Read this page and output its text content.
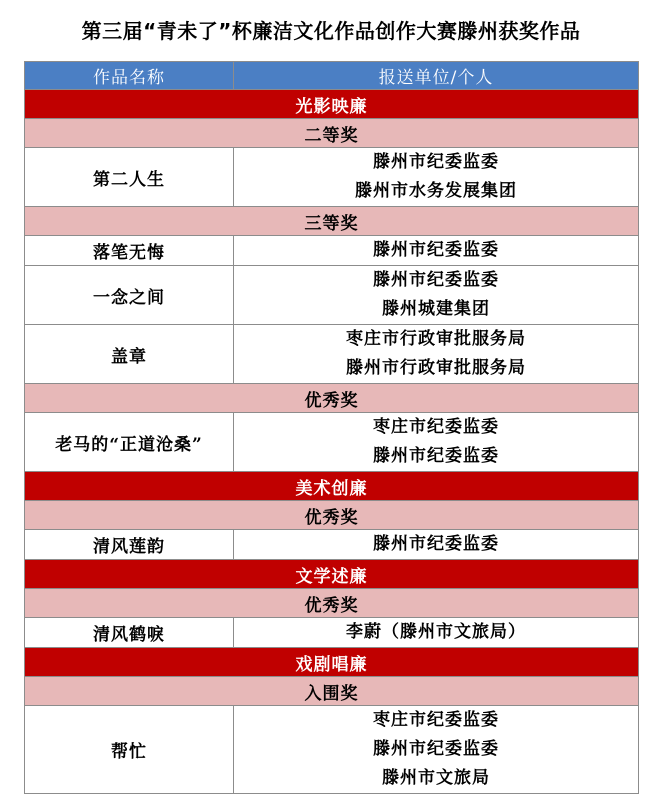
第三届“青未了”杯廉洁文化作品创作大赛滕州获奖作品
作品名称	报送单位/个人
光影映廉	
二等奖	
第二人生	滕州市纪委监委
滕州市水务发展集团

三等奖	
落笔无悔	滕州市纪委监委

一念之间	滕州市纪委监委
滕州城建集团

盖章	枣庄市行政审批服务局
滕州市行政审批服务局

优秀奖	
老马的“正道沧桑”	枣庄市纪委监委
滕州市纪委监委

美术创廉	
优秀奖	
清风莲韵	滕州市纪委监委

文学述廉	
优秀奖	
清风鹤唳	李蔚（滕州市文旅局）

戏剧唱廉	
入围奖	
帮忙	枣庄市纪委监委
滕州市纪委监委
滕州市文旅局
